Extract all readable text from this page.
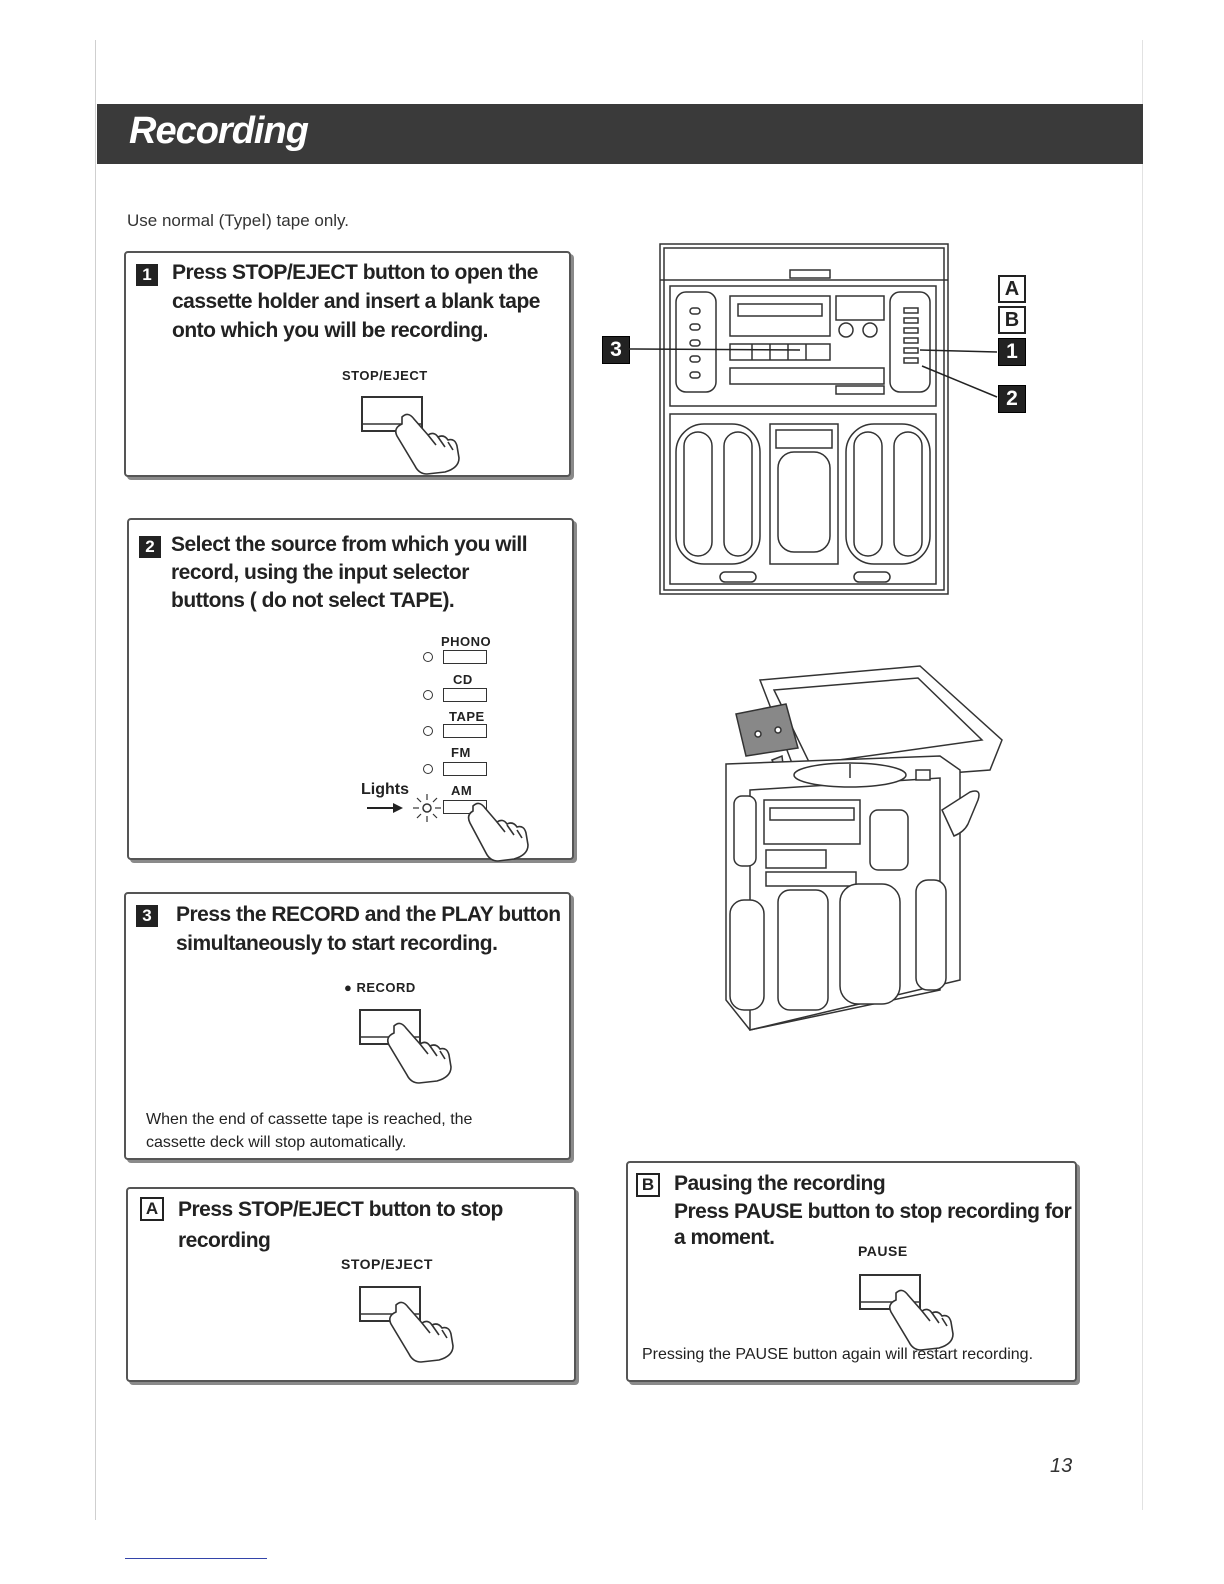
Recording
Use normal (TypeⅠ) tape only.
1 Press STOP/EJECT button to open the
cassette holder and insert a blank tape
onto which you will be recording.
STOP/EJECT
2 Select the source from which you will
record, using the input selector
buttons ( do not select TAPE).
PHONO
CD
TAPE
FM
Lights	AM
3 Press the RECORD and the PLAY button
simultaneously to start recording.
● RECORD
When the end of cassette tape is reached, the
cassette deck will stop automatically.
A Press STOP/EJECT button to stop
recording
STOP/EJECT
B Pausing the recording
Press PAUSE button to stop recording for
a moment.
PAUSE
Pressing the PAUSE button again will restart recording.
3
A
B
1
2
13
